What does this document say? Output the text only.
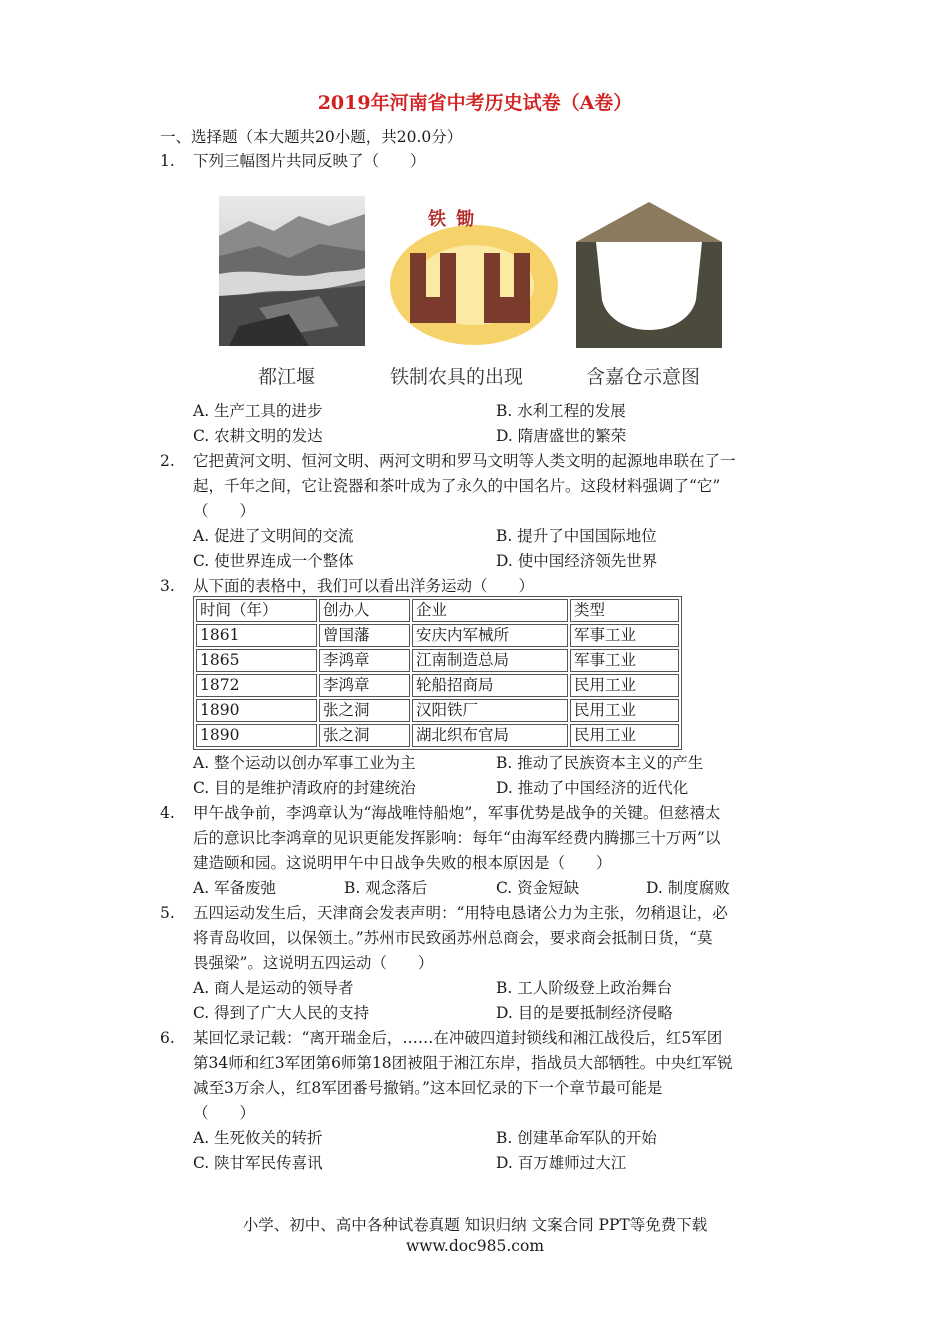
2019年河南省中考历史试卷（A卷）
一、选择题（本大题共20小题，共20.0分）
1. 下列三幅图片共同反映了（　　）
铁锄
都江堰	铁制农具的出现	含嘉仓示意图
A. 生产工具的进步	B. 水利工程的发展
C. 农耕文明的发达	D. 隋唐盛世的繁荣
2. 它把黄河文明、恒河文明、两河文明和罗马文明等人类文明的起源地串联在了一
起，千年之间，它让瓷器和茶叶成为了永久的中国名片。这段材料强调了“它”
（　　）
A. 促进了文明间的交流	B. 提升了中国国际地位
C. 使世界连成一个整体	D. 使中国经济领先世界
3. 从下面的表格中，我们可以看出洋务运动（　　）
时间（年）	创办人	企业	类型
1861	曾国藩	安庆内军械所	军事工业
1865	李鸿章	江南制造总局	军事工业
1872	李鸿章	轮船招商局	民用工业
1890	张之洞	汉阳铁厂	民用工业
1890	张之洞	湖北织布官局	民用工业
A. 整个运动以创办军事工业为主	B. 推动了民族资本主义的产生
C. 目的是维护清政府的封建统治	D. 推动了中国经济的近代化
4. 甲午战争前，李鸿章认为“海战唯恃船炮”，军事优势是战争的关键。但慈禧太
后的意识比李鸿章的见识更能发挥影响：每年“由海军经费内腾挪三十万两”以
建造颐和园。这说明甲午中日战争失败的根本原因是（　　）
A. 军备废弛	B. 观念落后	C. 资金短缺	D. 制度腐败
5. 五四运动发生后，天津商会发表声明：“用特电恳诸公力为主张，勿稍退让，必
将青岛收回，以保领土。”苏州市民致函苏州总商会，要求商会抵制日货，“莫
畏强梁”。这说明五四运动（　　）
A. 商人是运动的领导者	B. 工人阶级登上政治舞台
C. 得到了广大人民的支持	D. 目的是要抵制经济侵略
6. 某回忆录记载：“离开瑞金后，……在冲破四道封锁线和湘江战役后，红5军团
第34师和红3军团第6师第18团被阻于湘江东岸，指战员大部牺牲。中央红军锐
减至3万余人，红8军团番号撤销。”这本回忆录的下一个章节最可能是
（　　）
A. 生死攸关的转折	B. 创建革命军队的开始
C. 陕甘军民传喜讯	D. 百万雄师过大江
小学、初中、高中各种试卷真题 知识归纳 文案合同 PPT等免费下载
www.doc985.com
